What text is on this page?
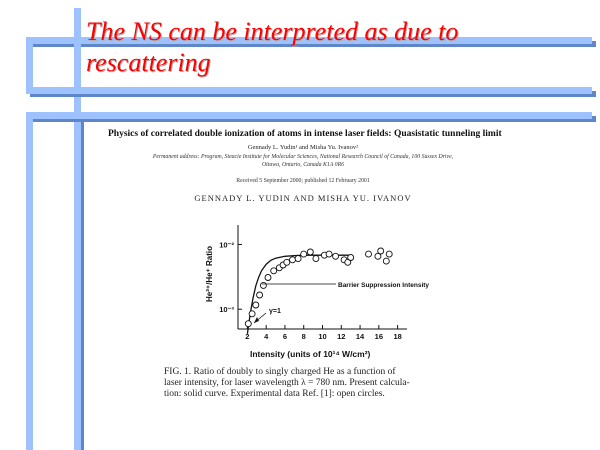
The NS can be interpreted as due to
rescattering
Physics of correlated double ionization of atoms in intense laser fields: Quasistatic tunneling limit
Gennady L. Yudin¹ and Misha Yu. Ivanov²
Permanent address: Program, Steacie Institute for Molecular Sciences, National Research Council of Canada, 100 Sussex Drive,
Ottawa, Ontario, Canada K1A 0R6
Received 5 September 2000; published 12 February 2001
GENNADY L. YUDIN AND MISHA YU. IVANOV
2 4 6 8 10 12 14 16 18
10⁻²
10⁻³
Barrier Suppression Intensity
γ=1
He²⁺/He⁺ Ratio
Intensity (units of 10¹⁴ W/cm²)
FIG. 1. Ratio of doubly to singly charged He as a function of
laser intensity, for laser wavelength λ = 780 nm. Present calcula-
tion: solid curve. Experimental data Ref. [1]: open circles.
